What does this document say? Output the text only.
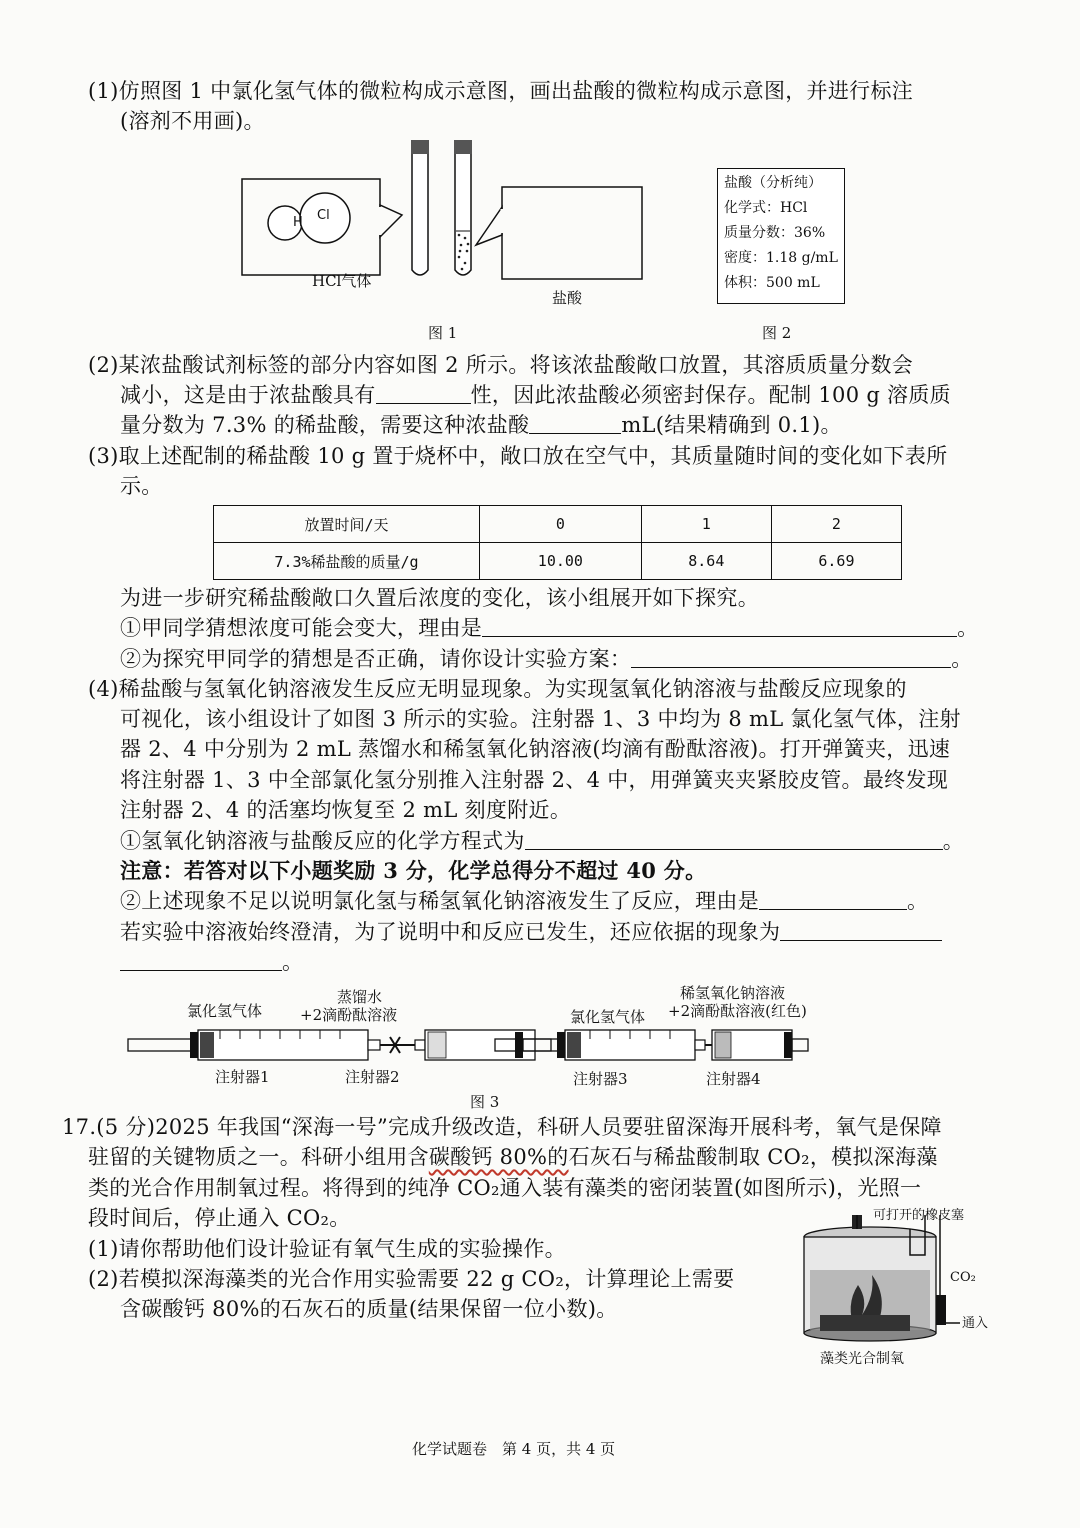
(1)仿照图 1 中氯化氢气体的微粒构成示意图，画出盐酸的微粒构成示意图，并进行标注
(溶剂不用画)。
H Cl
HCl气体
盐酸
图 1
盐酸（分析纯）
化学式：HCl
质量分数：36%
密度：1.18 g/mL
体积：500 mL
图 2
(2)某浓盐酸试剂标签的部分内容如图 2 所示。将该浓盐酸敞口放置，其溶质质量分数会
减小，这是由于浓盐酸具有	性，因此浓盐酸必须密封保存。配制 100 g 溶质质
量分数为 7.3% 的稀盐酸，需要这种浓盐酸	mL(结果精确到 0.1)。
(3)取上述配制的稀盐酸 10 g 置于烧杯中，敞口放在空气中，其质量随时间的变化如下表所
示。
放置时间/天	0	1	2
7.3%稀盐酸的质量/g	10.00	8.64	6.69
为进一步研究稀盐酸敞口久置后浓度的变化，该小组展开如下探究。
①甲同学猜想浓度可能会变大，理由是	。
②为探究甲同学的猜想是否正确，请你设计实验方案：	。
(4)稀盐酸与氢氧化钠溶液发生反应无明显现象。为实现氢氧化钠溶液与盐酸反应现象的
可视化，该小组设计了如图 3 所示的实验。注射器 1、3 中均为 8 mL 氯化氢气体，注射
器 2、4 中分别为 2 mL 蒸馏水和稀氢氧化钠溶液(均滴有酚酞溶液)。打开弹簧夹，迅速
将注射器 1、3 中全部氯化氢分别推入注射器 2、4 中，用弹簧夹夹紧胶皮管。最终发现
注射器 2、4 的活塞均恢复至 2 mL 刻度附近。
①氢氧化钠溶液与盐酸反应的化学方程式为	。
注意：若答对以下小题奖励 3 分，化学总得分不超过 40 分。
②上述现象不足以说明氯化氢与稀氢氧化钠溶液发生了反应，理由是	。
若实验中溶液始终澄清，为了说明中和反应已发生，还应依据的现象为
。
氯化氢气体
蒸馏水
+2滴酚酞溶液	氯化氢气体
稀氢氧化钠溶液
+2滴酚酞溶液(红色)
注射器1	注射器2	注射器3	注射器4
图 3
17.(5 分)2025 年我国“深海一号”完成升级改造，科研人员要驻留深海开展科考，氧气是保障
驻留的关键物质之一。科研小组用含碳酸钙 80%的石灰石与稀盐酸制取 CO₂，模拟深海藻
类的光合作用制氧过程。将得到的纯净 CO₂通入装有藻类的密闭装置(如图所示)，光照一
段时间后，停止通入 CO₂。
(1)请你帮助他们设计验证有氧气生成的实验操作。
(2)若模拟深海藻类的光合作用实验需要 22 g CO₂，计算理论上需要
含碳酸钙 80%的石灰石的质量(结果保留一位小数)。
可打开的橡皮塞
CO₂
通入
藻类光合制氧
化学试题卷　第 4 页，共 4 页
